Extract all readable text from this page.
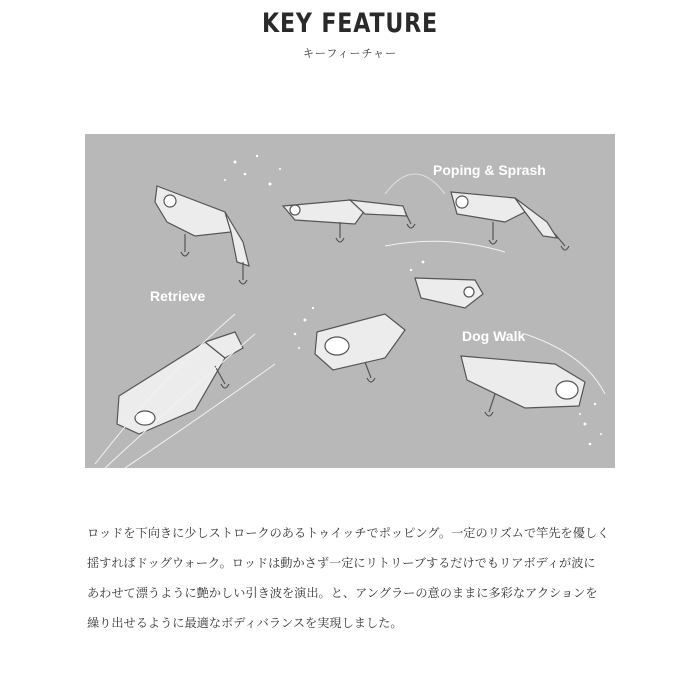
KEY FEATURE
キーフィーチャー
Poping & Sprash
Retrieve
Dog Walk

ロッドを下向きに少しストロークのあるトゥイッチでポッピング。一定のリズムで竿先を優しく

揺すればドッグウォーク。ロッドは動かさず一定にリトリーブするだけでもリアボディが波に

あわせて漂うように艶かしい引き波を演出。と、アングラーの意のままに多彩なアクションを

繰り出せるように最適なボディバランスを実現しました。
